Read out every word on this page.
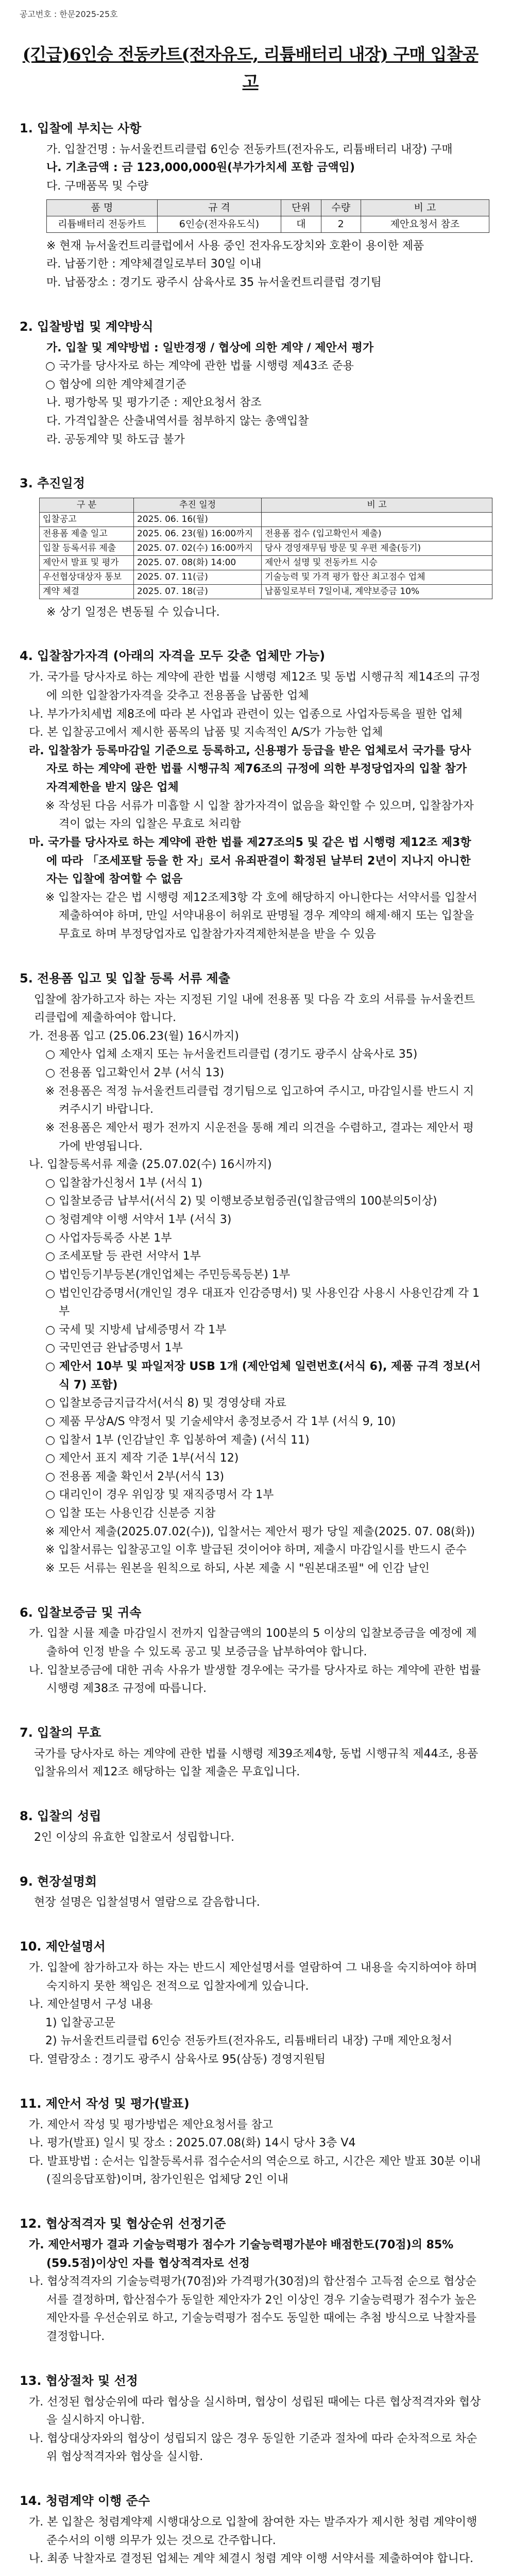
공고번호 : 한문2025-25호
(긴급)6인승 전동카트(전자유도, 리튬배터리 내장) 구매 입찰공고
1. 입찰에 부치는 사항
가. 입찰건명 : 뉴서울컨트리클럽 6인승 전동카트(전자유도, 리튬배터리 내장) 구매
나. 기초금액 : 금 123,000,000원(부가가치세 포함 금액임)
다. 구매품목 및 수량
품 명	규 격	단위	수량	비 고
리튬배터리 전동카트	6인승(전자유도식)	대	2	제안요청서 참조
※ 현재 뉴서울컨트리클럽에서 사용 중인 전자유도장치와 호환이 용이한 제품
라. 납품기한 : 계약체결일로부터 30일 이내
마. 납품장소 : 경기도 광주시 삼육사로 35 뉴서울컨트리클럽 경기팀
2. 입찰방법 및 계약방식
가. 입찰 및 계약방법 : 일반경쟁 / 협상에 의한 계약 / 제안서 평가
○ 국가를 당사자로 하는 계약에 관한 법률 시행령 제43조 준용
○ 협상에 의한 계약체결기준
나. 평가항목 및 평가기준 : 제안요청서 참조
다. 가격입찰은 산출내역서를 첨부하지 않는 총액입찰
라. 공동계약 및 하도급 불가
3. 추진일정
구 분	추진 일정	비 고
입찰공고	2025. 06. 16(월)	
전용폼 제출 일고	2025. 06. 23(월) 16:00까지	전용폼 접수 (입고확인서 제출)
입찰 등록서류 제출	2025. 07. 02(수) 16:00까지	당사 경영재무팀 방문 및 우편 제출(등기)
제안서 발표 및 평가	2025. 07. 08(화) 14:00	제안서 설명 및 전동카트 시승
우선협상대상자 통보	2025. 07. 11(금)	기술능력 및 가격 평가 합산 최고점수 업체
계약 체결	2025. 07. 18(금)	납품일로부터 7일이내, 계약보증금 10%
※ 상기 일정은 변동될 수 있습니다.
4. 입찰참가자격 (아래의 자격을 모두 갖춘 업체만 가능)
가. 국가를 당사자로 하는 계약에 관한 법률 시행령 제12조 및 동법 시행규칙 제14조의 규정에 의한 입찰참가자격을 갖추고 전용폼을 납품한 업체
나. 부가가치세법 제8조에 따라 본 사업과 관련이 있는 업종으로 사업자등록을 필한 업체
다. 본 입찰공고에서 제시한 품목의 납품 및 지속적인 A/S가 가능한 업체
라. 입찰참가 등록마감일 기준으로 등록하고, 신용평가 등급을 받은 업체로서 국가를 당사자로 하는 계약에 관한 법률 시행규칙 제76조의 규정에 의한 부정당업자의 입찰 참가 자격제한을 받지 않은 업체
※ 작성된 다음 서류가 미흡할 시 입찰 참가자격이 없음을 확인할 수 있으며, 입찰참가자격이 없는 자의 입찰은 무효로 처리함
마. 국가를 당사자로 하는 계약에 관한 법률 제27조의5 및 같은 법 시행령 제12조 제3항에 따라 「조세포탈 등을 한 자」로서 유죄판결이 확정된 날부터 2년이 지나지 아니한 자는 입찰에 참여할 수 없음
※ 입찰자는 같은 법 시행령 제12조제3항 각 호에 해당하지 아니한다는 서약서를 입찰서 제출하여야 하며, 만일 서약내용이 허위로 판명될 경우 계약의 해제·해지 또는 입찰을 무효로 하며 부정당업자로 입찰참가자격제한처분을 받을 수 있음
5. 전용폼 입고 및 입찰 등록 서류 제출
입찰에 참가하고자 하는 자는 지정된 기일 내에 전용폼 및 다음 각 호의 서류를 뉴서울컨트리클럽에 제출하여야 합니다.
가. 전용폼 입고 (25.06.23(월) 16시까지)
○ 제안사 업체 소재지 또는 뉴서울컨트리클럽 (경기도 광주시 삼육사로 35)
○ 전용폼 입고확인서 2부 (서식 13)
※ 전용폼은 적정 뉴서울컨트리클럽 경기팀으로 입고하여 주시고, 마감일시를 반드시 지켜주시기 바랍니다.
※ 전용폼은 제안서 평가 전까지 시운전을 통해 계리 의견을 수렴하고, 결과는 제안서 평가에 반영됩니다.
나. 입찰등록서류 제출 (25.07.02(수) 16시까지)
○ 입찰참가신청서 1부 (서식 1)
○ 입찰보증금 납부서(서식 2) 및 이행보증보험증권(입찰금액의 100분의5이상)
○ 청렴계약 이행 서약서 1부 (서식 3)
○ 사업자등록증 사본 1부
○ 조세포탈 등 관련 서약서 1부
○ 법인등기부등본(개인업체는 주민등록등본) 1부
○ 법인인감증명서(개인일 경우 대표자 인감증명서) 및 사용인감 사용시 사용인감계 각 1부
○ 국세 및 지방세 납세증명서 각 1부
○ 국민연금 완납증명서 1부
○ 제안서 10부 및 파일저장 USB 1개 (제안업체 일련번호(서식 6), 제품 규격 정보(서식 7) 포함)
○ 입찰보증금지급각서(서식 8) 및 경영상태 자료
○ 제품 무상A/S 약정서 및 기술세약서 총정보증서 각 1부 (서식 9, 10)
○ 입찰서 1부 (인감날인 후 입봉하여 제출) (서식 11)
○ 제안서 표지 제작 기준 1부(서식 12)
○ 전용폼 제출 확인서 2부(서식 13)
○ 대리인이 경우 위임장 및 재직증명서 각 1부
○ 입찰 또는 사용인감 신분증 지참
※ 제안서 제출(2025.07.02(수)), 입찰서는 제안서 평가 당일 제출(2025. 07. 08(화))
※ 입찰서류는 입찰공고일 이후 발급된 것이어야 하며, 제출시 마감일시를 반드시 준수
※ 모든 서류는 원본을 원칙으로 하되, 사본 제출 시 "원본대조필" 에 인감 날인
6. 입찰보증금 및 귀속
가. 입찰 시뮬 제출 마감일시 전까지 입찰금액의 100분의 5 이상의 입찰보증금을 예정에 제출하여 인정 받을 수 있도록 공고 및 보증금을 납부하여야 합니다.
나. 입찰보증금에 대한 귀속 사유가 발생할 경우에는 국가를 당사자로 하는 계약에 관한 법률 시행령 제38조 규정에 따릅니다.
7. 입찰의 무효
국가를 당사자로 하는 계약에 관한 법률 시행령 제39조제4항, 동법 시행규칙 제44조, 용품입찰유의서 제12조 해당하는 입찰 제출은 무효입니다.
8. 입찰의 성립
2인 이상의 유효한 입찰로서 성립합니다.
9. 현장설명회
현장 설명은 입찰설명서 열람으로 갈음합니다.
10. 제안설명서
가. 입찰에 참가하고자 하는 자는 반드시 제안설명서를 열람하여 그 내용을 숙지하여야 하며 숙지하지 못한 책임은 전적으로 입찰자에게 있습니다.
나. 제안설명서 구성 내용
1) 입찰공고문
2) 뉴서울컨트리클럽 6인승 전동카트(전자유도, 리튬배터리 내장) 구매 제안요청서
다. 열람장소 : 경기도 광주시 삼육사로 95(삼동) 경영지원팀
11. 제안서 작성 및 평가(발표)
가. 제안서 작성 및 평가방법은 제안요청서를 참고
나. 평가(발표) 일시 및 장소 : 2025.07.08(화) 14시 당사 3층 V4
다. 발표방법 : 순서는 입찰등록서류 접수순서의 역순으로 하고, 시간은 제안 발표 30분 이내(질의응답포함)이며, 참가인원은 업체당 2인 이내
12. 협상적격자 및 협상순위 선정기준
가. 제안서평가 결과 기술능력평가 점수가 기술능력평가분야 배점한도(70점)의 85%(59.5점)이상인 자를 협상적격자로 선정
나. 협상적격자의 기술능력평가(70점)와 가격평가(30점)의 합산점수 고득점 순으로 협상순서를 결정하며, 합산점수가 동일한 제안자가 2인 이상인 경우 기술능력평가 점수가 높은 제안자를 우선순위로 하고, 기술능력평가 점수도 동일한 때에는 추첨 방식으로 낙찰자를 결정합니다.
13. 협상절차 및 선정
가. 선정된 협상순위에 따라 협상을 실시하며, 협상이 성립된 때에는 다른 협상적격자와 협상을 실시하지 아니함.
나. 협상대상자와의 협상이 성립되지 않은 경우 동일한 기준과 절차에 따라 순차적으로 차순위 협상적격자와 협상을 실시함.
14. 청렴계약 이행 준수
가. 본 입찰은 청렴계약제 시행대상으로 입찰에 참여한 자는 발주자가 제시한 청렴 계약이행 준수서의 이행 의무가 있는 것으로 간주합니다.
나. 최종 낙찰자로 결정된 업체는 계약 체결시 청렴 계약 이행 서약서를 제출하여야 합니다.
